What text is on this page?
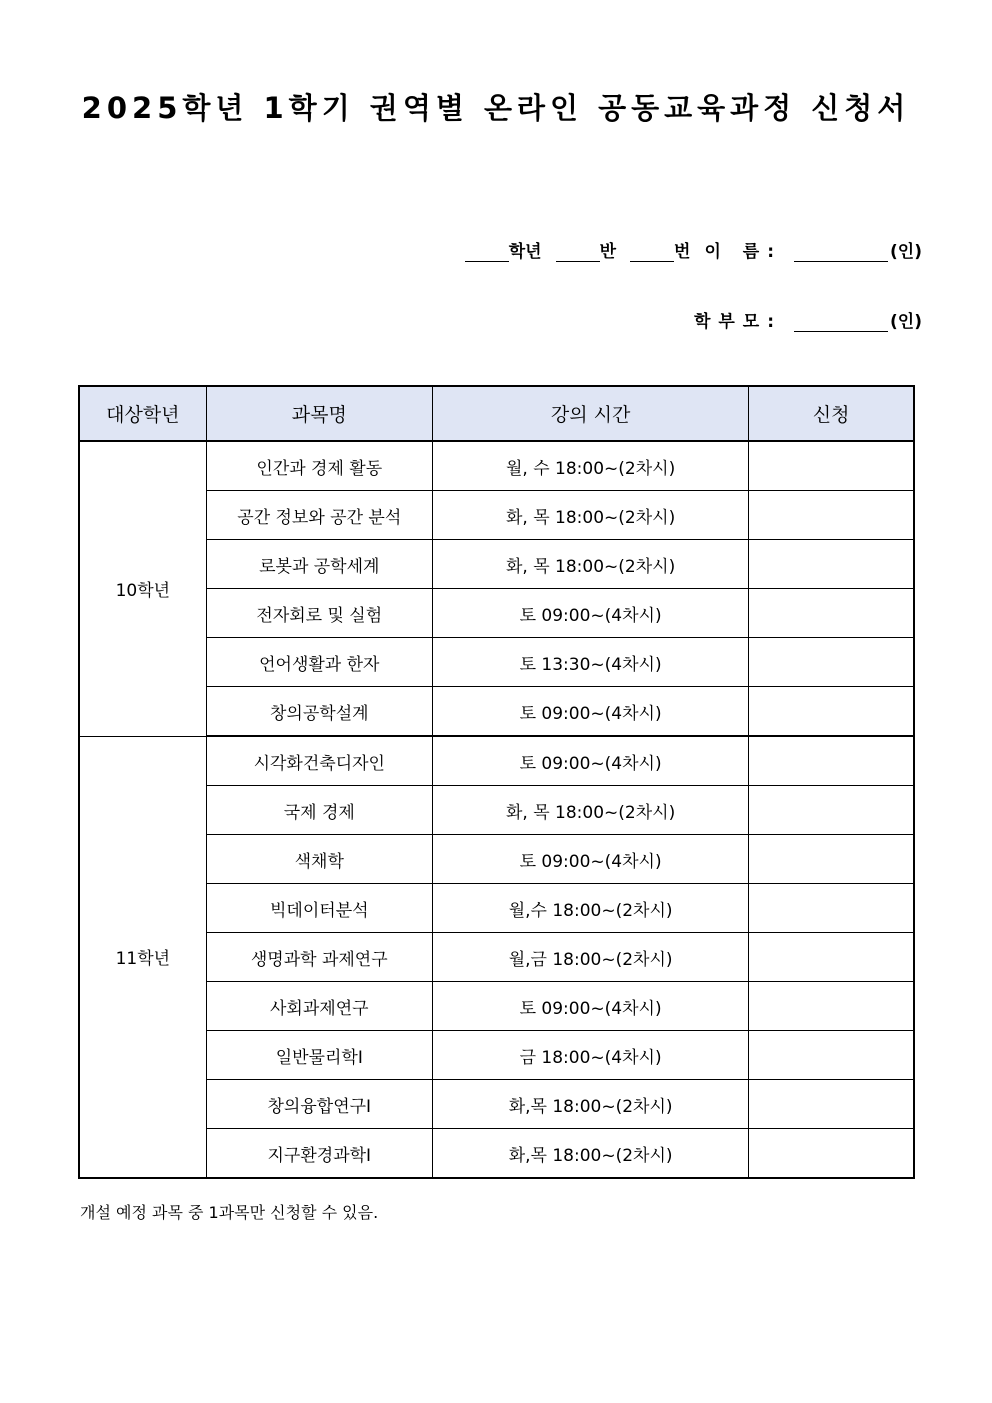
2025학년 1학기 권역별 온라인 공동교육과정 신청서
학년	반	번 이 름:	(인)
학부모:	(인)
대상학년	과목명	강의 시간	신청
10학년	인간과 경제 활동	월, 수 18:00~(2차시)	
	공간 정보와 공간 분석	화, 목 18:00~(2차시)	
	로봇과 공학세계	화, 목 18:00~(2차시)	
	전자회로 및 실험	토 09:00~(4차시)	
	언어생활과 한자	토 13:30~(4차시)	
	창의공학설계	토 09:00~(4차시)	
11학년	시각화건축디자인	토 09:00~(4차시)	
	국제 경제	화, 목 18:00~(2차시)	
	색채학	토 09:00~(4차시)	
	빅데이터분석	월,수 18:00~(2차시)	
	생명과학 과제연구	월,금 18:00~(2차시)	
	사회과제연구	토 09:00~(4차시)	
	일반물리학Ⅰ	금 18:00~(4차시)	
	창의융합연구Ⅰ	화,목 18:00~(2차시)	
	지구환경과학Ⅰ	화,목 18:00~(2차시)	
개설 예정 과목 중 1과목만 신청할 수 있음.
